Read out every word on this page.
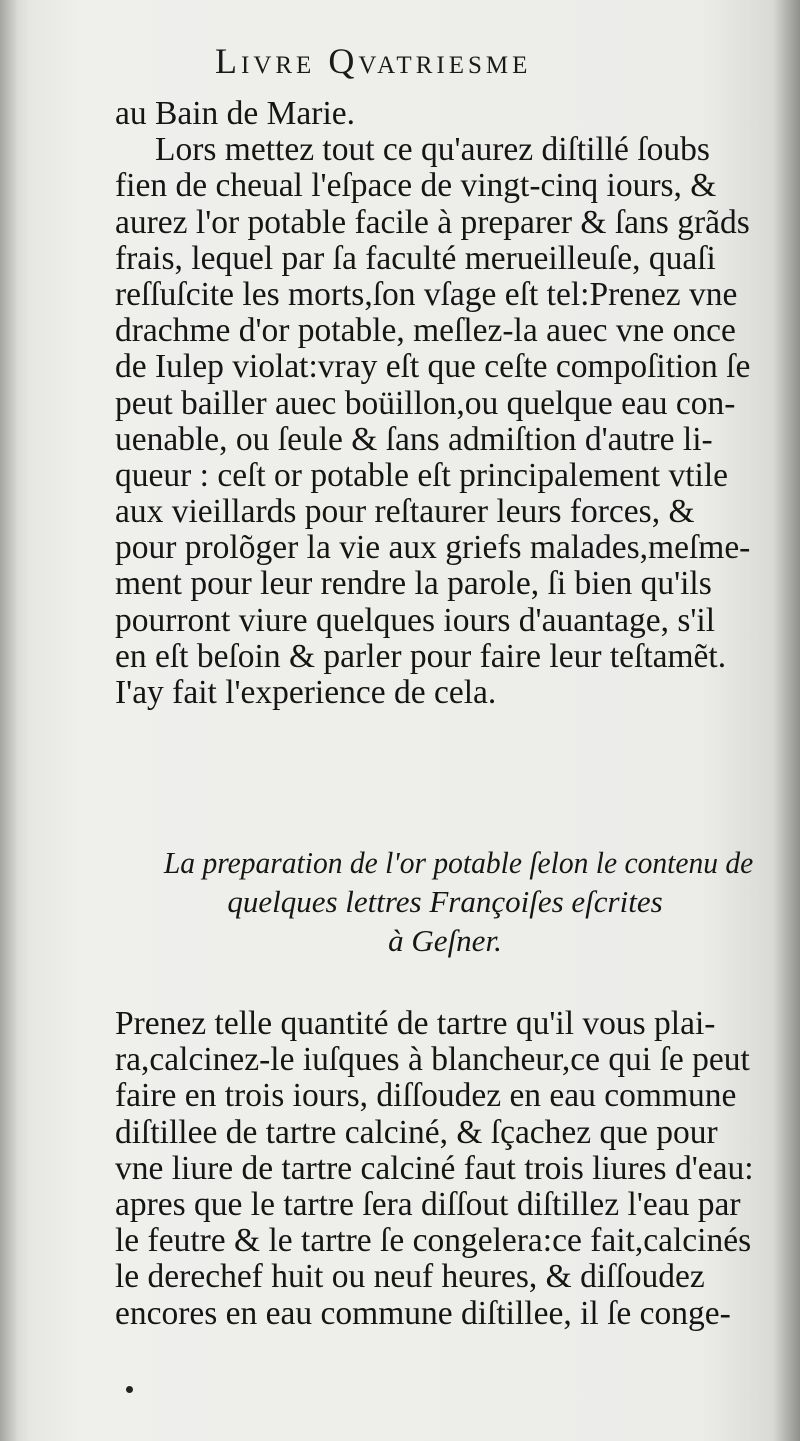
Livre Qvatriesme
au Bain de Marie.
Lors mettez tout ce qu'aurez diſtillé ſoubs
fien de cheual l'eſpace de vingt-cinq iours, &
aurez l'or potable facile à preparer & ſans grãds
frais, lequel par ſa faculté merueilleuſe, quaſi
reſſuſcite les morts,ſon vſage eſt tel:Prenez vne
drachme d'or potable, meſlez-la auec vne once
de Iulep violat:vray eſt que ceſte compoſition ſe
peut bailler auec boüillon,ou quelque eau con-
uenable, ou ſeule & ſans admiſtion d'autre li-
queur : ceſt or potable eſt principalement vtile
aux vieillards pour reſtaurer leurs forces, &
pour prolõger la vie aux griefs malades,meſme-
ment pour leur rendre la parole, ſi bien qu'ils
pourront viure quelques iours d'auantage, s'il
en eſt beſoin & parler pour faire leur teſtamẽt.
I'ay fait l'experience de cela.
La preparation de l'or potable ſelon le contenu de
quelques lettres Françoiſes eſcrites
à Geſner.
Prenez telle quantité de tartre qu'il vous plai-
ra,calcinez-le iuſques à blancheur,ce qui ſe peut
faire en trois iours, diſſoudez en eau commune
diſtillee de tartre calciné, & ſçachez que pour
vne liure de tartre calciné faut trois liures d'eau:
apres que le tartre ſera diſſout diſtillez l'eau par
le feutre & le tartre ſe congelera:ce fait,calcinés
le derechef huit ou neuf heures, & diſſoudez
encores en eau commune diſtillee, il ſe conge-
